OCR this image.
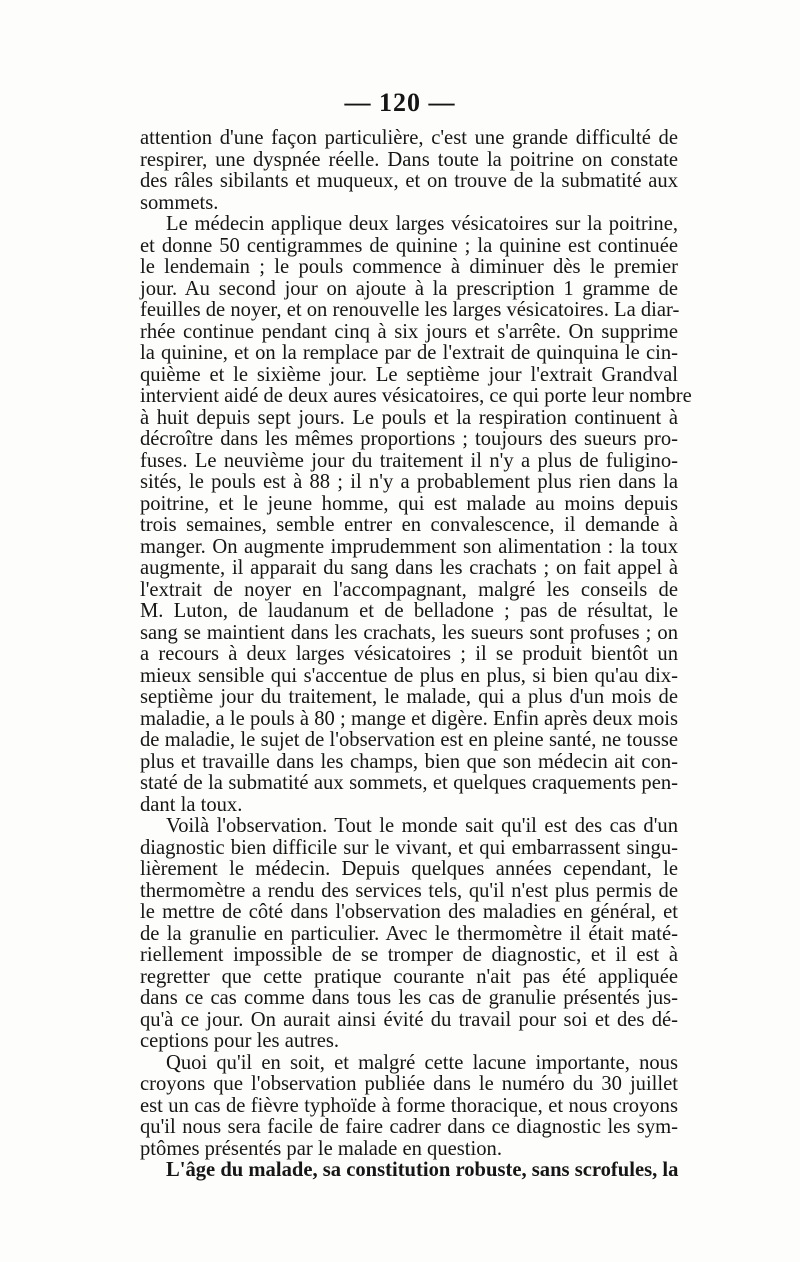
— 120 —
attention d'une façon particulière, c'est une grande difficulté de
respirer, une dyspnée réelle. Dans toute la poitrine on constate
des râles sibilants et muqueux, et on trouve de la submatité aux
sommets.
Le médecin applique deux larges vésicatoires sur la poitrine,
et donne 50 centigrammes de quinine ; la quinine est continuée
le lendemain ; le pouls commence à diminuer dès le premier
jour. Au second jour on ajoute à la prescription 1 gramme de
feuilles de noyer, et on renouvelle les larges vésicatoires. La diar-
rhée continue pendant cinq à six jours et s'arrête. On supprime
la quinine, et on la remplace par de l'extrait de quinquina le cin-
quième et le sixième jour. Le septième jour l'extrait Grandval
intervient aidé de deux aures vésicatoires, ce qui porte leur nombre
à huit depuis sept jours. Le pouls et la respiration continuent à
décroître dans les mêmes proportions ; toujours des sueurs pro-
fuses. Le neuvième jour du traitement il n'y a plus de fuligino-
sités, le pouls est à 88 ; il n'y a probablement plus rien dans la
poitrine, et le jeune homme, qui est malade au moins depuis
trois semaines, semble entrer en convalescence, il demande à
manger. On augmente imprudemment son alimentation : la toux
augmente, il apparait du sang dans les crachats ; on fait appel à
l'extrait de noyer en l'accompagnant, malgré les conseils de
M. Luton, de laudanum et de belladone ; pas de résultat, le
sang se maintient dans les crachats, les sueurs sont profuses ; on
a recours à deux larges vésicatoires ; il se produit bientôt un
mieux sensible qui s'accentue de plus en plus, si bien qu'au dix-
septième jour du traitement, le malade, qui a plus d'un mois de
maladie, a le pouls à 80 ; mange et digère. Enfin après deux mois
de maladie, le sujet de l'observation est en pleine santé, ne tousse
plus et travaille dans les champs, bien que son médecin ait con-
staté de la submatité aux sommets, et quelques craquements pen-
dant la toux.
Voilà l'observation. Tout le monde sait qu'il est des cas d'un
diagnostic bien difficile sur le vivant, et qui embarrassent singu-
lièrement le médecin. Depuis quelques années cependant, le
thermomètre a rendu des services tels, qu'il n'est plus permis de
le mettre de côté dans l'observation des maladies en général, et
de la granulie en particulier. Avec le thermomètre il était maté-
riellement impossible de se tromper de diagnostic, et il est à
regretter que cette pratique courante n'ait pas été appliquée
dans ce cas comme dans tous les cas de granulie présentés jus-
qu'à ce jour. On aurait ainsi évité du travail pour soi et des dé-
ceptions pour les autres.
Quoi qu'il en soit, et malgré cette lacune importante, nous
croyons que l'observation publiée dans le numéro du 30 juillet
est un cas de fièvre typhoïde à forme thoracique, et nous croyons
qu'il nous sera facile de faire cadrer dans ce diagnostic les sym-
ptômes présentés par le malade en question.
L'âge du malade, sa constitution robuste, sans scrofules, la
